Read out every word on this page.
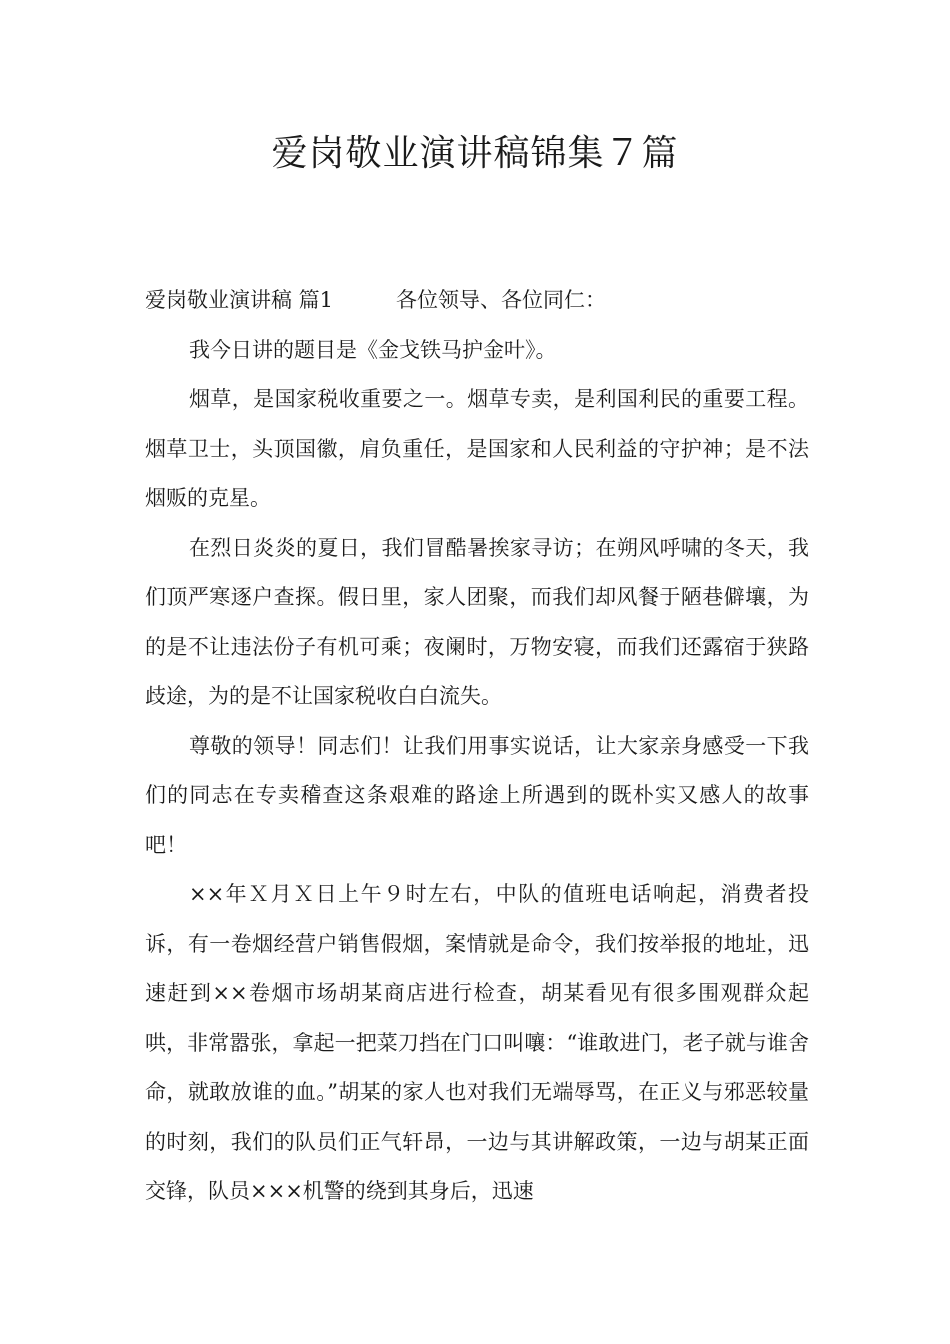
爱岗敬业演讲稿锦集７篇

爱岗敬业演讲稿 篇1	各位领导、各位同仁：

我今日讲的题目是《金戈铁马护金叶》。

烟草，是国家税收重要之一。烟草专卖，是利国利民的重要工程。烟草卫士，头顶国徽，肩负重任，是国家和人民利益的守护神；是不法烟贩的克星。

在烈日炎炎的夏日，我们冒酷暑挨家寻访；在朔风呼啸的冬天，我们顶严寒逐户查探。假日里，家人团聚，而我们却风餐于陋巷僻壤，为的是不让违法份子有机可乘；夜阑时，万物安寝，而我们还露宿于狭路歧途，为的是不让国家税收白白流失。

尊敬的领导！同志们！让我们用事实说话，让大家亲身感受一下我们的同志在专卖稽查这条艰难的路途上所遇到的既朴实又感人的故事吧！

××年Ｘ月Ｘ日上午９时左右，中队的值班电话响起，消费者投诉，有一卷烟经营户销售假烟，案情就是命令，我们按举报的地址，迅速赶到××卷烟市场胡某商店进行检查，胡某看见有很多围观群众起哄，非常嚣张，拿起一把菜刀挡在门口叫嚷：“谁敢进门，老子就与谁舍命，就敢放谁的血。”胡某的家人也对我们无端辱骂，在正义与邪恶较量的时刻，我们的队员们正气轩昂，一边与其讲解政策，一边与胡某正面交锋，队员×××机警的绕到其身后，迅速
